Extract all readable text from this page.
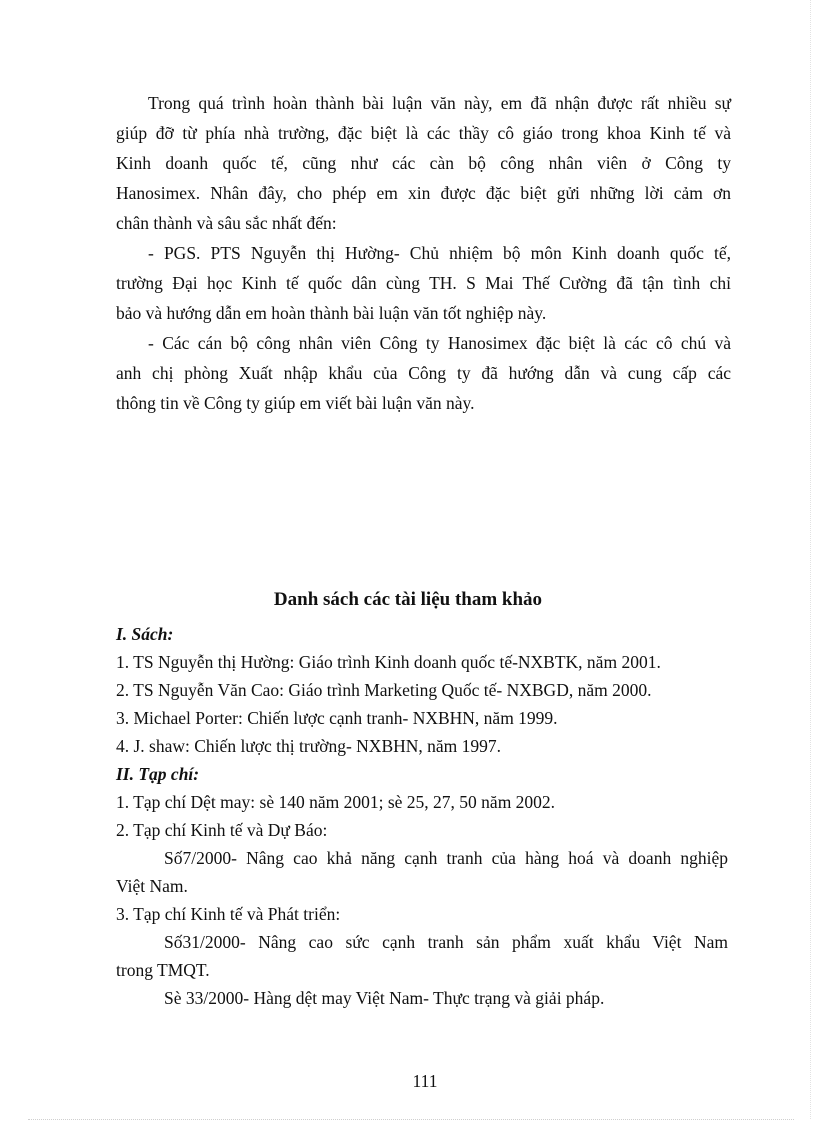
Trong quá trình hoàn thành bài luận văn này, em đã nhận được rất nhiều sự
giúp đỡ từ phía nhà trường, đặc biệt là các thầy cô giáo trong khoa Kinh tế và
Kinh doanh quốc tế, cũng như các càn bộ công nhân viên ở Công ty
Hanosimex. Nhân đây, cho phép em xin được đặc biệt gửi những lời cảm ơn
chân thành và sâu sắc nhất đến:
- PGS. PTS Nguyễn thị Hường- Chủ nhiệm bộ môn Kinh doanh quốc tế,
trường Đại học Kinh tế quốc dân cùng TH. S Mai Thế Cường đã tận tình chỉ
bảo và hướng dẫn em hoàn thành bài luận văn tốt nghiệp này.
- Các cán bộ công nhân viên Công ty Hanosimex đặc biệt là các cô chú và
anh chị phòng Xuất nhập khẩu của Công ty đã hướng dẫn và cung cấp các
thông tin về Công ty giúp em viết bài luận văn này.
Danh sách các tài liệu tham khảo
I. Sách:
1. TS Nguyễn thị Hường: Giáo trình Kinh doanh quốc tế-NXBTK, năm 2001.
2. TS Nguyễn Văn Cao: Giáo trình Marketing Quốc tế- NXBGD, năm 2000.
3. Michael Porter: Chiến lược cạnh tranh- NXBHN, năm 1999.
4. J. shaw: Chiến lược thị trường- NXBHN, năm 1997.
II. Tạp chí:
1. Tạp chí Dệt may: sè 140 năm 2001; sè 25, 27, 50 năm 2002.
2. Tạp chí Kinh tế và Dự Báo:
Số7/2000- Nâng cao khả năng cạnh tranh của hàng hoá và doanh nghiệp
Việt Nam.
3. Tạp chí Kinh tế và Phát triển:
Số31/2000- Nâng cao sức cạnh tranh sản phẩm xuất khẩu Việt Nam
trong TMQT.
Sè 33/2000- Hàng dệt may Việt Nam- Thực trạng và giải pháp.
111
